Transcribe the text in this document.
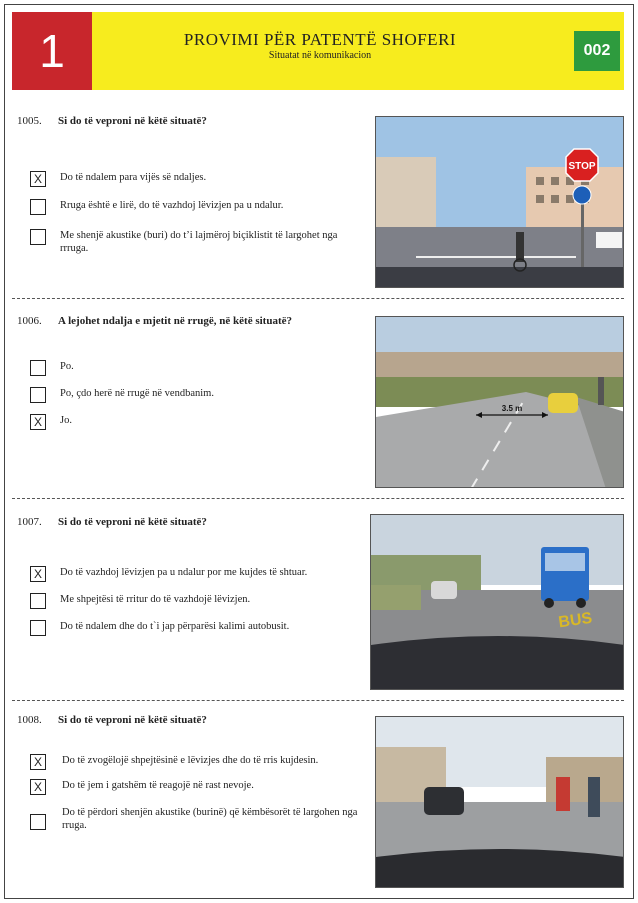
1	PROVIMI PËR PATENTË SHOFERI
Situatat në komunikacion	002
1005. Si do të veproni në këtë situatë?
X	Do të ndalem para vijës së ndaljes.
Rruga është e lirë, do të vazhdoj lëvizjen pa u ndalur.
Me shenjë akustike (buri) do t’i lajmëroj biçiklistit të largohet nga rrruga.
STOP
1006. A lejohet ndalja e mjetit në rrugë, në këtë situatë?
Po.
Po, çdo herë në rrugë në vendbanim.
X	Jo.
3.5 m
1007. Si do të veproni në këtë situatë?
X	Do të vazhdoj lëvizjen pa u ndalur por me kujdes të shtuar.
Me shpejtësi të rritur do të vazhdojë lëvizjen.
Do të ndalem dhe do t`i jap përparësi kalimi autobusit.	BUS
1008. Si do të veproni në këtë situatë?
X	Do të zvogëlojë shpejtësinë e lëvizjes dhe do të rris kujdesin.
X	Do të jem i gatshëm të reagojë në rast nevoje.
Do të përdori shenjën akustike (burinë) që këmbësorët të largohen nga rruga.
